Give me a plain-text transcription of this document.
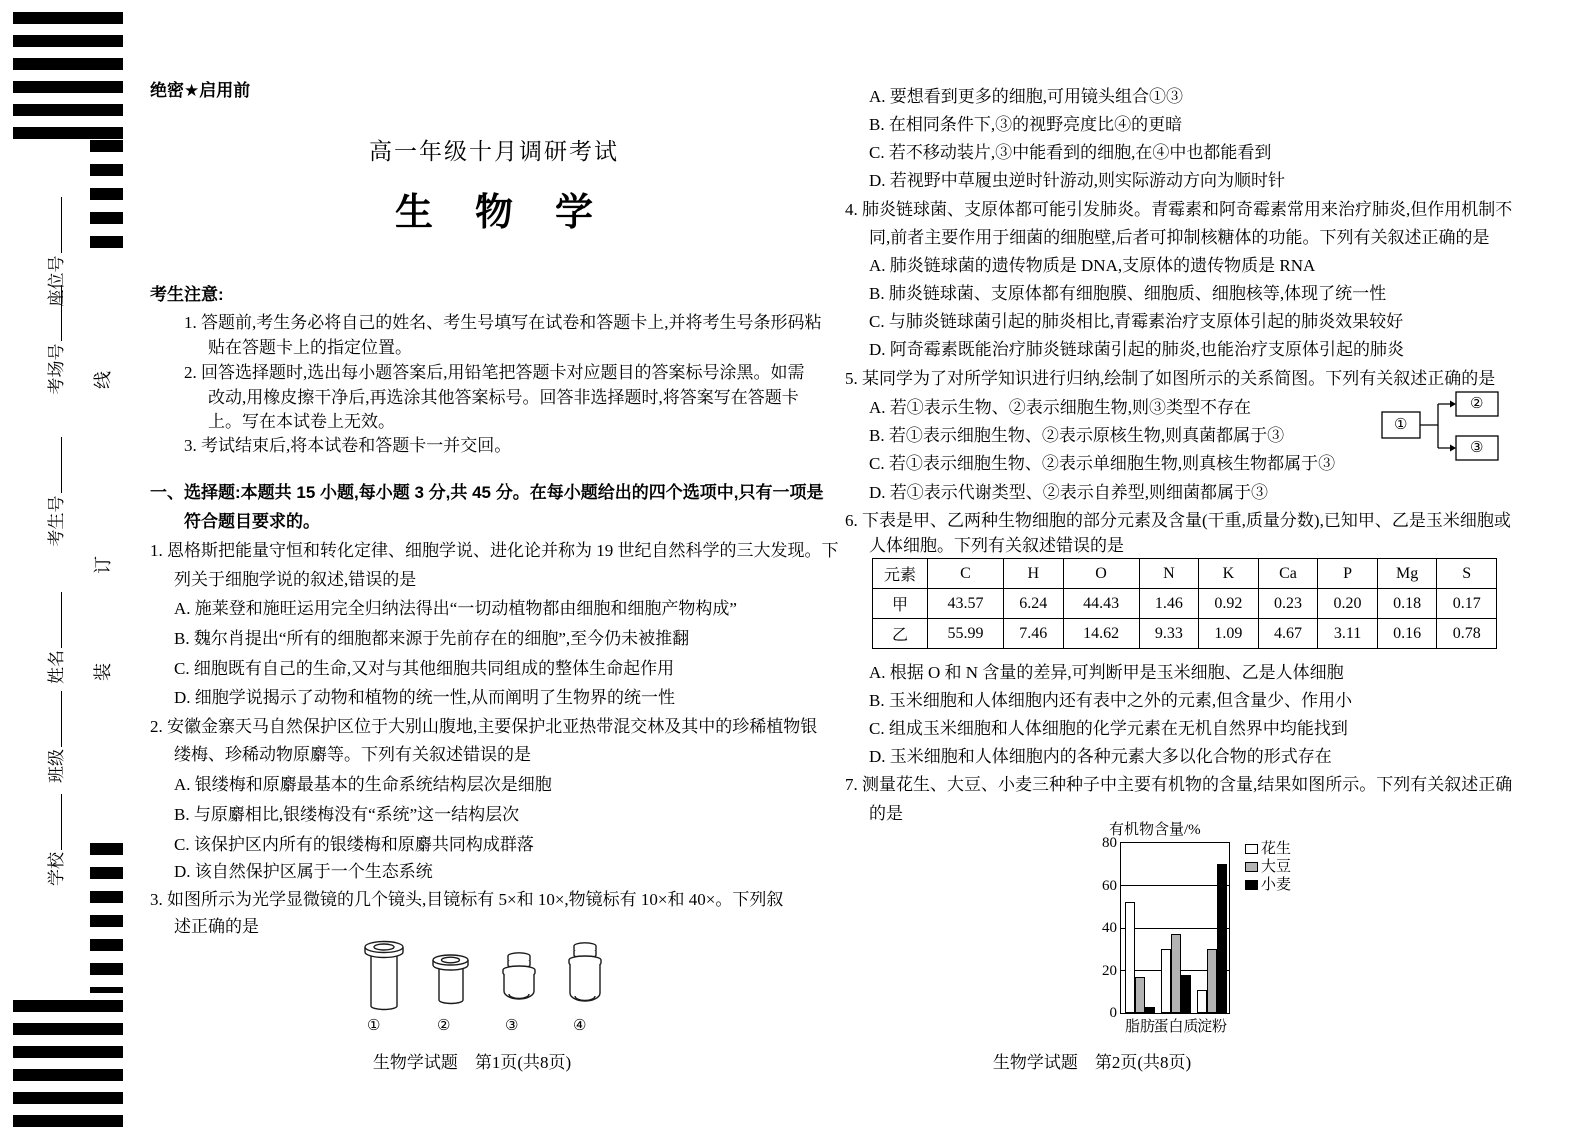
座位号
考场号
考生号
姓名
班级
学校
线
订
装
绝密★启用前
高一年级十月调研考试
生物学
考生注意:
1. 答题前,考生务必将自己的姓名、考生号填写在试卷和答题卡上,并将考生号条形码粘
贴在答题卡上的指定位置。
2. 回答选择题时,选出每小题答案后,用铅笔把答题卡对应题目的答案标号涂黑。如需
改动,用橡皮擦干净后,再选涂其他答案标号。回答非选择题时,将答案写在答题卡
上。写在本试卷上无效。
3. 考试结束后,将本试卷和答题卡一并交回。
一、选择题:本题共 15 小题,每小题 3 分,共 45 分。在每小题给出的四个选项中,只有一项是
符合题目要求的。
1. 恩格斯把能量守恒和转化定律、细胞学说、进化论并称为 19 世纪自然科学的三大发现。下
列关于细胞学说的叙述,错误的是
A. 施莱登和施旺运用完全归纳法得出“一切动植物都由细胞和细胞产物构成”
B. 魏尔肖提出“所有的细胞都来源于先前存在的细胞”,至今仍未被推翻
C. 细胞既有自己的生命,又对与其他细胞共同组成的整体生命起作用
D. 细胞学说揭示了动物和植物的统一性,从而阐明了生物界的统一性
2. 安徽金寨天马自然保护区位于大别山腹地,主要保护北亚热带混交林及其中的珍稀植物银
缕梅、珍稀动物原麝等。下列有关叙述错误的是
A. 银缕梅和原麝最基本的生命系统结构层次是细胞
B. 与原麝相比,银缕梅没有“系统”这一结构层次
C. 该保护区内所有的银缕梅和原麝共同构成群落
D. 该自然保护区属于一个生态系统
3. 如图所示为光学显微镜的几个镜头,目镜标有 5×和 10×,物镜标有 10×和 40×。下列叙
述正确的是
①	②	③	④
生物学试题　第1页(共8页)
A. 要想看到更多的细胞,可用镜头组合①③
B. 在相同条件下,③的视野亮度比④的更暗
C. 若不移动装片,③中能看到的细胞,在④中也都能看到
D. 若视野中草履虫逆时针游动,则实际游动方向为顺时针
4. 肺炎链球菌、支原体都可能引发肺炎。青霉素和阿奇霉素常用来治疗肺炎,但作用机制不
同,前者主要作用于细菌的细胞壁,后者可抑制核糖体的功能。下列有关叙述正确的是
A. 肺炎链球菌的遗传物质是 DNA,支原体的遗传物质是 RNA
B. 肺炎链球菌、支原体都有细胞膜、细胞质、细胞核等,体现了统一性
C. 与肺炎链球菌引起的肺炎相比,青霉素治疗支原体引起的肺炎效果较好
D. 阿奇霉素既能治疗肺炎链球菌引起的肺炎,也能治疗支原体引起的肺炎
5. 某同学为了对所学知识进行归纳,绘制了如图所示的关系简图。下列有关叙述正确的是
A. 若①表示生物、②表示细胞生物,则③类型不存在
B. 若①表示细胞生物、②表示原核生物,则真菌都属于③
C. 若①表示细胞生物、②表示单细胞生物,则真核生物都属于③
D. 若①表示代谢类型、②表示自养型,则细菌都属于③
①
②
③
6. 下表是甲、乙两种生物细胞的部分元素及含量(干重,质量分数),已知甲、乙是玉米细胞或
人体细胞。下列有关叙述错误的是
元素	C	H	O	N	K	Ca	P	Mg	S
甲	43.57	6.24	44.43	1.46	0.92	0.23	0.20	0.18	0.17
乙	55.99	7.46	14.62	9.33	1.09	4.67	3.11	0.16	0.78
A. 根据 O 和 N 含量的差异,可判断甲是玉米细胞、乙是人体细胞
B. 玉米细胞和人体细胞内还有表中之外的元素,但含量少、作用小
C. 组成玉米细胞和人体细胞的化学元素在无机自然界中均能找到
D. 玉米细胞和人体细胞内的各种元素大多以化合物的形式存在
7. 测量花生、大豆、小麦三种种子中主要有机物的含量,结果如图所示。下列有关叙述正确
的是
有机物含量/%
0
20
40
60
80
脂肪
蛋白质
淀粉
花生
大豆
小麦
生物学试题　第2页(共8页)
